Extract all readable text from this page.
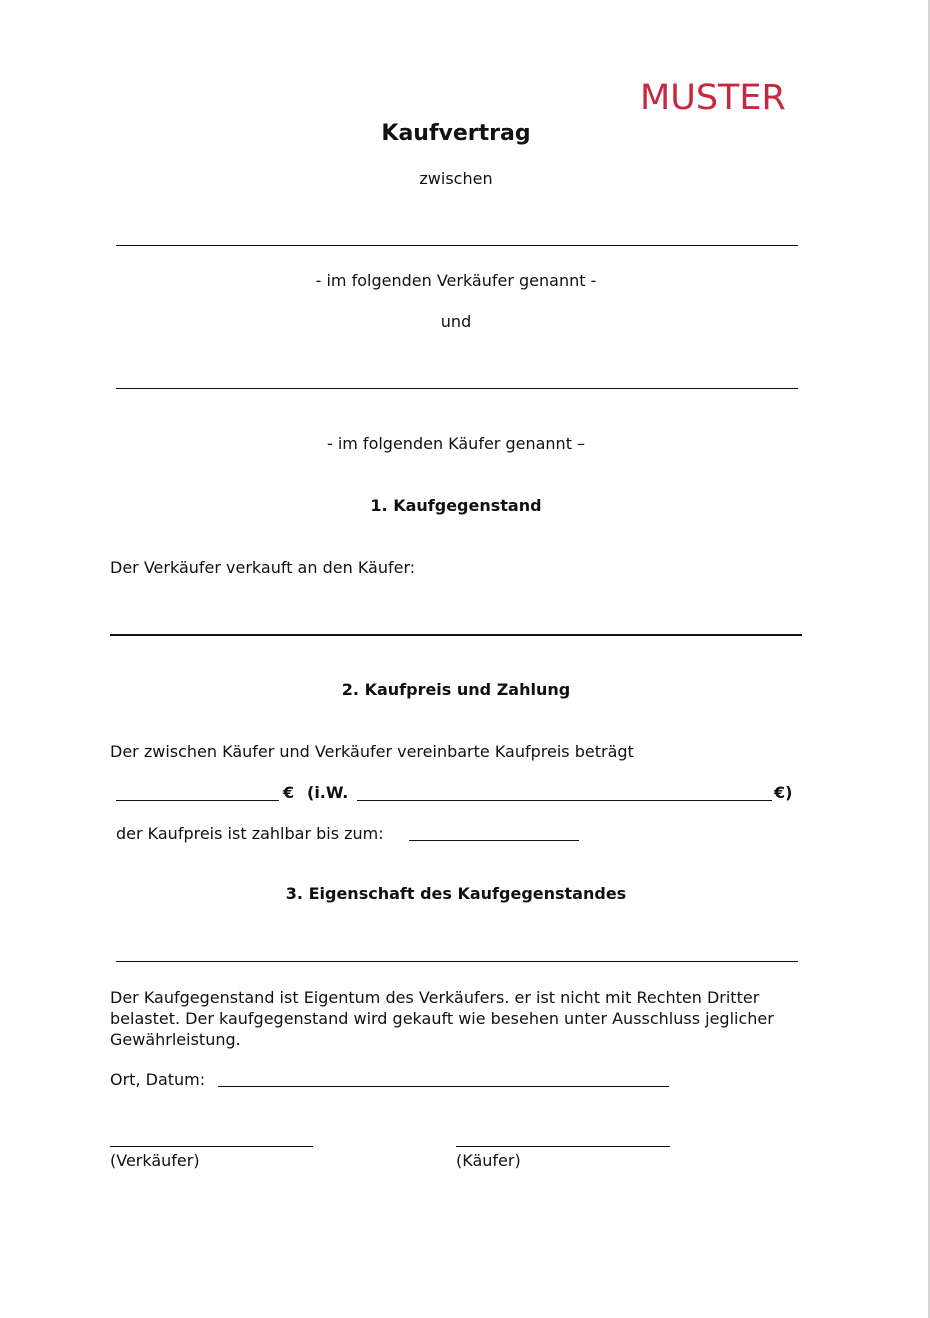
MUSTER
Kaufvertrag
zwischen
- im folgenden Verkäufer genannt -
und
- im folgenden Käufer genannt –
1. Kaufgegenstand
Der Verkäufer verkauft an den Käufer:
2. Kaufpreis und Zahlung
Der zwischen Käufer und Verkäufer vereinbarte Kaufpreis beträgt
€ (i.W.	€)
der Kaufpreis ist zahlbar bis zum:
3. Eigenschaft des Kaufgegenstandes
Der Kaufgegenstand ist Eigentum des Verkäufers. er ist nicht mit Rechten Dritter belastet. Der kaufgegenstand wird gekauft wie besehen unter Ausschluss jeglicher Gewährleistung.
Ort, Datum:
(Verkäufer)	(Käufer)
